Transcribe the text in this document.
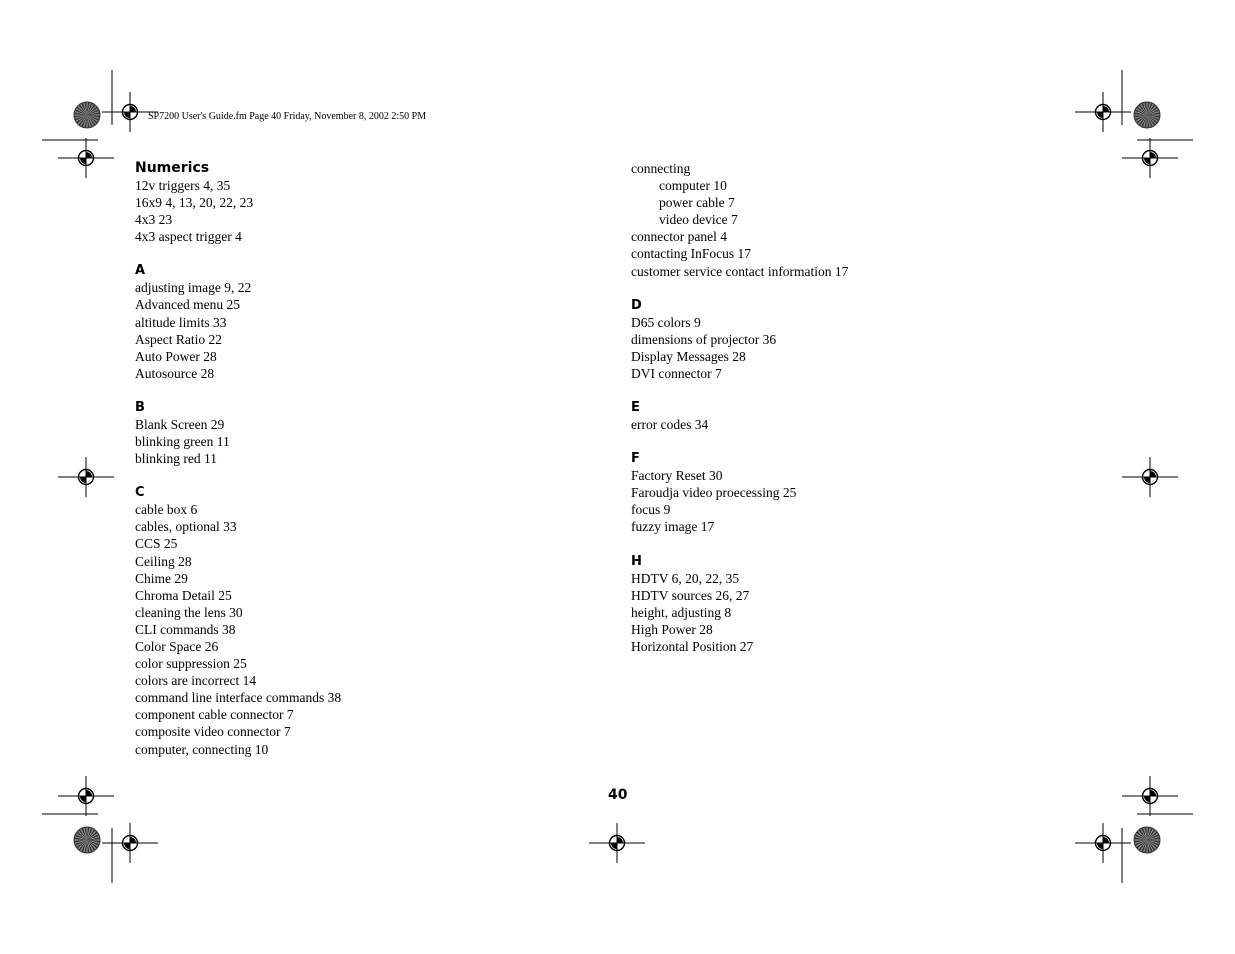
SP7200 User's Guide.fm Page 40 Friday, November 8, 2002 2:50 PM
Numerics
12v triggers 4, 35
16x9 4, 13, 20, 22, 23
4x3 23
4x3 aspect trigger 4
A
adjusting image 9, 22
Advanced menu 25
altitude limits 33
Aspect Ratio 22
Auto Power 28
Autosource 28
B
Blank Screen 29
blinking green 11
blinking red 11
C
cable box 6
cables, optional 33
CCS 25
Ceiling 28
Chime 29
Chroma Detail 25
cleaning the lens 30
CLI commands 38
Color Space 26
color suppression 25
colors are incorrect 14
command line interface commands 38
component cable connector 7
composite video connector 7
computer, connecting 10
connecting
computer 10
power cable 7
video device 7
connector panel 4
contacting InFocus 17
customer service contact information 17
D
D65 colors 9
dimensions of projector 36
Display Messages 28
DVI connector 7
E
error codes 34
F
Factory Reset 30
Faroudja video proecessing 25
focus 9
fuzzy image 17
H
HDTV 6, 20, 22, 35
HDTV sources 26, 27
height, adjusting 8
High Power 28
Horizontal Position 27
40
